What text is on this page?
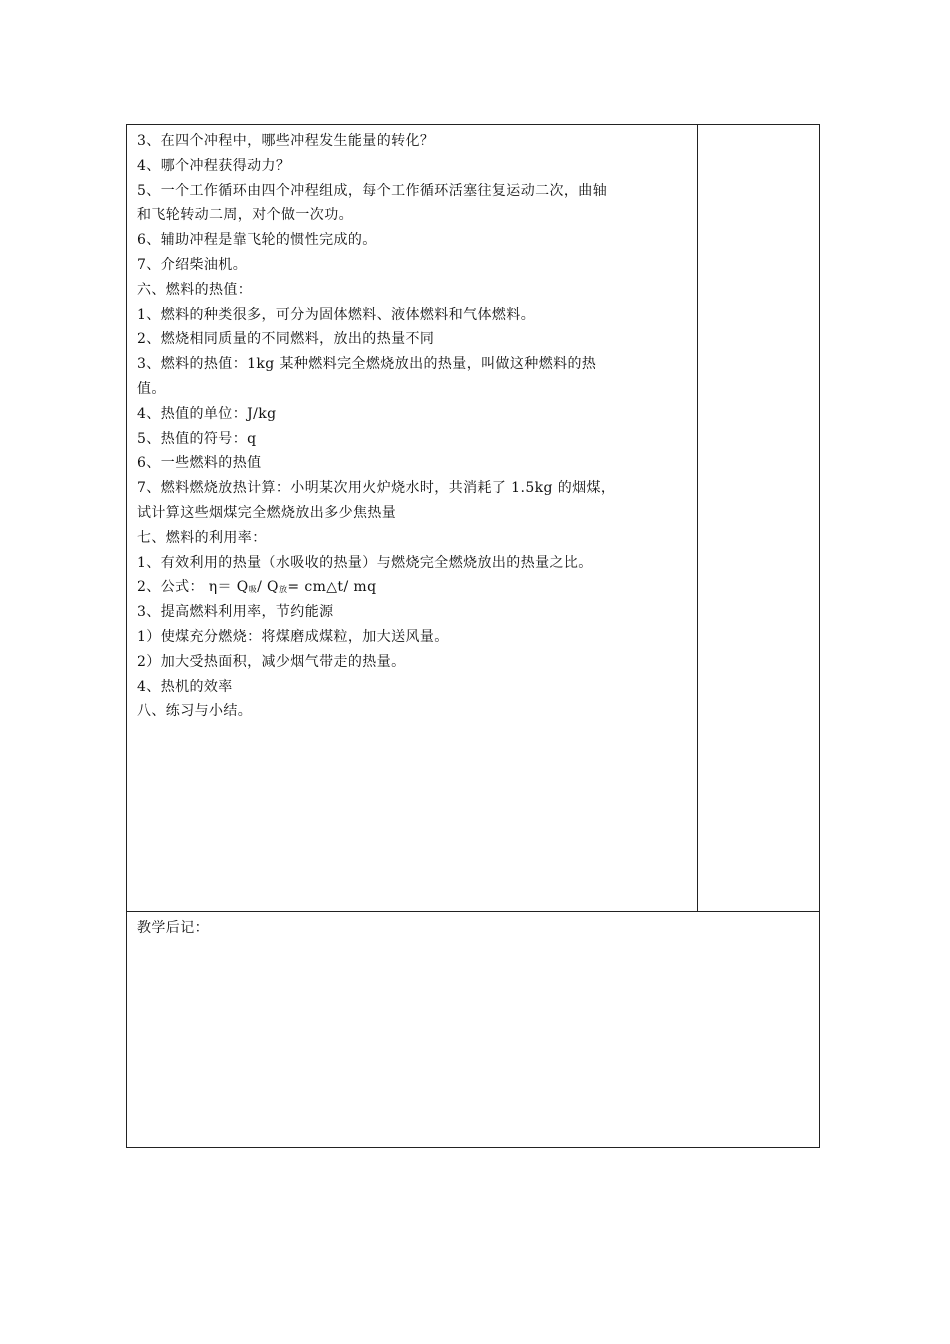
3、在四个冲程中，哪些冲程发生能量的转化？
4、哪个冲程获得动力？
5、一个工作循环由四个冲程组成，每个工作循环活塞往复运动二次，曲轴
和飞轮转动二周，对个做一次功。
6、辅助冲程是靠飞轮的惯性完成的。
7、介绍柴油机。
六、燃料的热值：
1、燃料的种类很多，可分为固体燃料、液体燃料和气体燃料。
2、燃烧相同质量的不同燃料，放出的热量不同
3、燃料的热值：1kg 某种燃料完全燃烧放出的热量，叫做这种燃料的热
值。
4、热值的单位：J/kg
5、热值的符号：q
6、一些燃料的热值
7、燃料燃烧放热计算：小明某次用火炉烧水时，共消耗了 1.5kg 的烟煤，
试计算这些烟煤完全燃烧放出多少焦热量
七、燃料的利用率：
1、有效利用的热量（水吸收的热量）与燃烧完全燃烧放出的热量之比。
2、公式： η＝ Q吸/ Q放= cm△t/ mq
3、提高燃料利用率，节约能源
1）使煤充分燃烧：将煤磨成煤粒，加大送风量。
2）加大受热面积，减少烟气带走的热量。
4、热机的效率
八、练习与小结。
教学后记：
